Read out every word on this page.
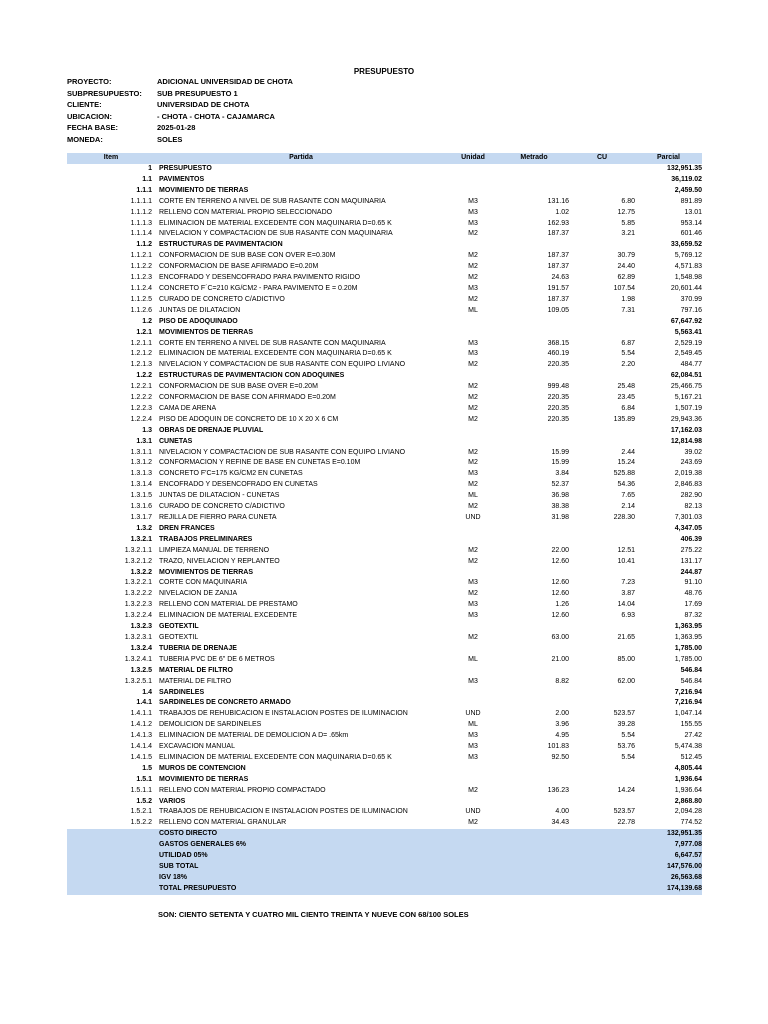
PRESUPUESTO
PROYECTO:	ADICIONAL UNIVERSIDAD DE CHOTA
SUBPRESUPUESTO: SUB PRESUPUESTO 1
CLIENTE:	UNIVERSIDAD DE CHOTA
UBICACION:	- CHOTA - CHOTA - CAJAMARCA
FECHA BASE:	2025-01-28
MONEDA:	SOLES
Item	Partida	Unidad	Metrado	CU	Parcial
1	PRESUPUESTO				132,951.35
1.1	PAVIMENTOS				36,119.02
1.1.1	MOVIMIENTO DE TIERRAS				2,459.50
1.1.1.1	CORTE EN TERRENO A NIVEL DE SUB RASANTE CON MAQUINARIA	M3	131.16	6.80	891.89
1.1.1.2	RELLENO CON MATERIAL PROPIO SELECCIONADO	M3	1.02	12.75	13.01
1.1.1.3	ELIMINACION DE MATERIAL EXCEDENTE CON MAQUINARIA D=0.65 K	M3	162.93	5.85	953.14
1.1.1.4	NIVELACION Y COMPACTACION DE SUB RASANTE CON MAQUINARIA	M2	187.37	3.21	601.46
1.1.2	ESTRUCTURAS DE PAVIMENTACION				33,659.52
1.1.2.1	CONFORMACION DE SUB BASE CON OVER E=0.30M	M2	187.37	30.79	5,769.12
1.1.2.2	CONFORMACION DE BASE AFIRMADO E=0.20M	M2	187.37	24.40	4,571.83
1.1.2.3	ENCOFRADO Y DESENCOFRADO PARA PAVIMENTO RIGIDO	M2	24.63	62.89	1,548.98
1.1.2.4	CONCRETO F´C=210 KG/CM2 - PARA PAVIMENTO E = 0.20M	M3	191.57	107.54	20,601.44
1.1.2.5	CURADO DE CONCRETO C/ADICTIVO	M2	187.37	1.98	370.99
1.1.2.6	JUNTAS DE DILATACION	ML	109.05	7.31	797.16
1.2	PISO DE ADOQUINADO				67,647.92
1.2.1	MOVIMIENTOS DE TIERRAS				5,563.41
1.2.1.1	CORTE EN TERRENO A NIVEL DE SUB RASANTE CON MAQUINARIA	M3	368.15	6.87	2,529.19
1.2.1.2	ELIMINACION DE MATERIAL EXCEDENTE CON MAQUINARIA D=0.65 K	M3	460.19	5.54	2,549.45
1.2.1.3	NIVELACION Y COMPACTACION DE SUB RASANTE CON EQUIPO LIVIANO	M2	220.35	2.20	484.77
1.2.2	ESTRUCTURAS DE PAVIMENTACION CON ADOQUINES				62,084.51
1.2.2.1	CONFORMACION DE SUB BASE OVER E=0.20M	M2	999.48	25.48	25,466.75
1.2.2.2	CONFORMACION DE BASE CON AFIRMADO E=0.20M	M2	220.35	23.45	5,167.21
1.2.2.3	CAMA DE ARENA	M2	220.35	6.84	1,507.19
1.2.2.4	PISO DE ADOQUIN DE CONCRETO DE 10 X 20 X 6 CM	M2	220.35	135.89	29,943.36
1.3	OBRAS DE DRENAJE PLUVIAL				17,162.03
1.3.1	CUNETAS				12,814.98
1.3.1.1	NIVELACION Y COMPACTACION DE SUB RASANTE CON EQUIPO LIVIANO	M2	15.99	2.44	39.02
1.3.1.2	CONFORMACION Y REFINE DE BASE EN CUNETAS E=0.10M	M2	15.99	15.24	243.69
1.3.1.3	CONCRETO F'C=175 KG/CM2 EN CUNETAS	M3	3.84	525.88	2,019.38
1.3.1.4	ENCOFRADO Y DESENCOFRADO EN CUNETAS	M2	52.37	54.36	2,846.83
1.3.1.5	JUNTAS DE DILATACION - CUNETAS	ML	36.98	7.65	282.90
1.3.1.6	CURADO DE CONCRETO C/ADICTIVO	M2	38.38	2.14	82.13
1.3.1.7	REJILLA DE FIERRO PARA CUNETA	UND	31.98	228.30	7,301.03
1.3.2	DREN FRANCES				4,347.05
1.3.2.1	TRABAJOS PRELIMINARES				406.39
1.3.2.1.1	LIMPIEZA MANUAL DE TERRENO	M2	22.00	12.51	275.22
1.3.2.1.2	TRAZO, NIVELACION Y REPLANTEO	M2	12.60	10.41	131.17
1.3.2.2	MOVIMIENTOS DE TIERRAS				244.87
1.3.2.2.1	CORTE CON MAQUINARIA	M3	12.60	7.23	91.10
1.3.2.2.2	NIVELACION DE ZANJA	M2	12.60	3.87	48.76
1.3.2.2.3	RELLENO CON MATERIAL DE PRESTAMO	M3	1.26	14.04	17.69
1.3.2.2.4	ELIMINACION DE MATERIAL EXCEDENTE	M3	12.60	6.93	87.32
1.3.2.3	GEOTEXTIL				1,363.95
1.3.2.3.1	GEOTEXTIL	M2	63.00	21.65	1,363.95
1.3.2.4	TUBERIA DE DRENAJE				1,785.00
1.3.2.4.1	TUBERIA PVC DE 6" DE 6 METROS	ML	21.00	85.00	1,785.00
1.3.2.5	MATERIAL DE FILTRO				546.84
1.3.2.5.1	MATERIAL DE FILTRO	M3	8.82	62.00	546.84
1.4	SARDINELES				7,216.94
1.4.1	SARDINELES DE CONCRETO ARMADO				7,216.94
1.4.1.1	TRABAJOS DE REHUBICACION E INSTALACION POSTES DE ILUMINACION	UND	2.00	523.57	1,047.14
1.4.1.2	DEMOLICION DE SARDINELES	ML	3.96	39.28	155.55
1.4.1.3	ELIMINACION DE MATERIAL DE DEMOLICION A D= .65km	M3	4.95	5.54	27.42
1.4.1.4	EXCAVACION MANUAL	M3	101.83	53.76	5,474.38
1.4.1.5	ELIMINACION DE MATERIAL EXCEDENTE CON MAQUINARIA D=0.65 K	M3	92.50	5.54	512.45
1.5	MUROS DE CONTENCION				4,805.44
1.5.1	MOVIMIENTO DE TIERRAS				1,936.64
1.5.1.1	RELLENO CON MATERIAL PROPIO COMPACTADO	M2	136.23	14.24	1,936.64
1.5.2	VARIOS				2,868.80
1.5.2.1	TRABAJOS DE REHUBICACION E INSTALACION POSTES DE ILUMINACION	UND	4.00	523.57	2,094.28
1.5.2.2	RELLENO CON MATERIAL GRANULAR	M2	34.43	22.78	774.52
	COSTO DIRECTO				132,951.35
	GASTOS GENERALES 6%				7,977.08
	UTILIDAD 05%				6,647.57
	SUB TOTAL				147,576.00
	IGV 18%				26,563.68
	TOTAL PRESUPUESTO				174,139.68
SON: CIENTO SETENTA Y CUATRO MIL CIENTO TREINTA Y NUEVE CON 68/100 SOLES
